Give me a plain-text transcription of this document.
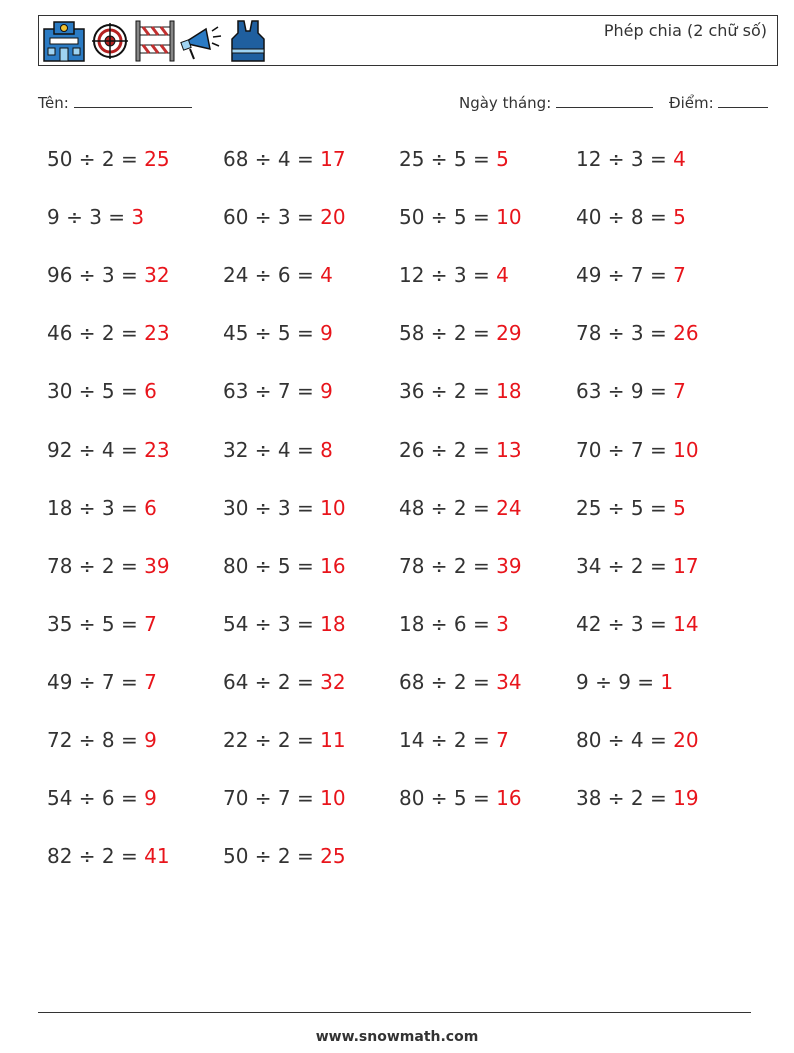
Phép chia (2 chữ số)
Tên:	Ngày tháng:	Điểm:
50 ÷ 2 = 25
9 ÷ 3 = 3
96 ÷ 3 = 32
46 ÷ 2 = 23
30 ÷ 5 = 6
92 ÷ 4 = 23
18 ÷ 3 = 6
78 ÷ 2 = 39
35 ÷ 5 = 7
49 ÷ 7 = 7
72 ÷ 8 = 9
54 ÷ 6 = 9
82 ÷ 2 = 41
68 ÷ 4 = 17
60 ÷ 3 = 20
24 ÷ 6 = 4
45 ÷ 5 = 9
63 ÷ 7 = 9
32 ÷ 4 = 8
30 ÷ 3 = 10
80 ÷ 5 = 16
54 ÷ 3 = 18
64 ÷ 2 = 32
22 ÷ 2 = 11
70 ÷ 7 = 10
50 ÷ 2 = 25
25 ÷ 5 = 5
50 ÷ 5 = 10
12 ÷ 3 = 4
58 ÷ 2 = 29
36 ÷ 2 = 18
26 ÷ 2 = 13
48 ÷ 2 = 24
78 ÷ 2 = 39
18 ÷ 6 = 3
68 ÷ 2 = 34
14 ÷ 2 = 7
80 ÷ 5 = 16
12 ÷ 3 = 4
40 ÷ 8 = 5
49 ÷ 7 = 7
78 ÷ 3 = 26
63 ÷ 9 = 7
70 ÷ 7 = 10
25 ÷ 5 = 5
34 ÷ 2 = 17
42 ÷ 3 = 14
9 ÷ 9 = 1
80 ÷ 4 = 20
38 ÷ 2 = 19
www.snowmath.com
